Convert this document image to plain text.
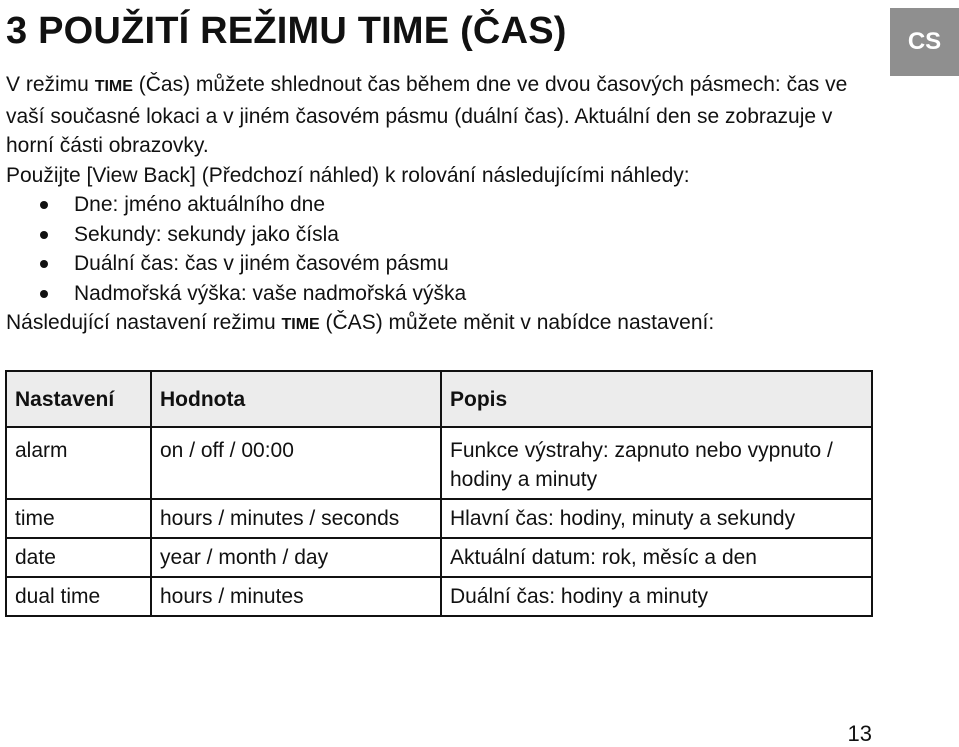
3 POUŽITÍ REŽIMU TIME (ČAS)	CS

V režimu TIME (Čas) můžete shlednout čas během dne ve dvou časových pásmech: čas ve vaší současné lokaci a v jiném časovém pásmu (duální čas). Aktuální den se zobrazuje v horní části obrazovky.

Použijte [View Back] (Předchozí náhled) k rolování následujícími náhledy:

Dne: jméno aktuálního dne
Sekundy: sekundy jako čísla
Duální čas: čas v jiném časovém pásmu
Nadmořská výška: vaše nadmořská výška

Následující nastavení režimu TIME (ČAS) můžete měnit v nabídce nastavení:

Nastavení	Hodnota	Popis
alarm	on / off / 00:00	Funkce výstrahy: zapnuto nebo vypnuto / hodiny a minuty
time	hours / minutes / seconds	Hlavní čas: hodiny, minuty a sekundy
date	year / month / day	Aktuální datum: rok, měsíc a den
dual time	hours / minutes	Duální čas: hodiny a minuty
13
